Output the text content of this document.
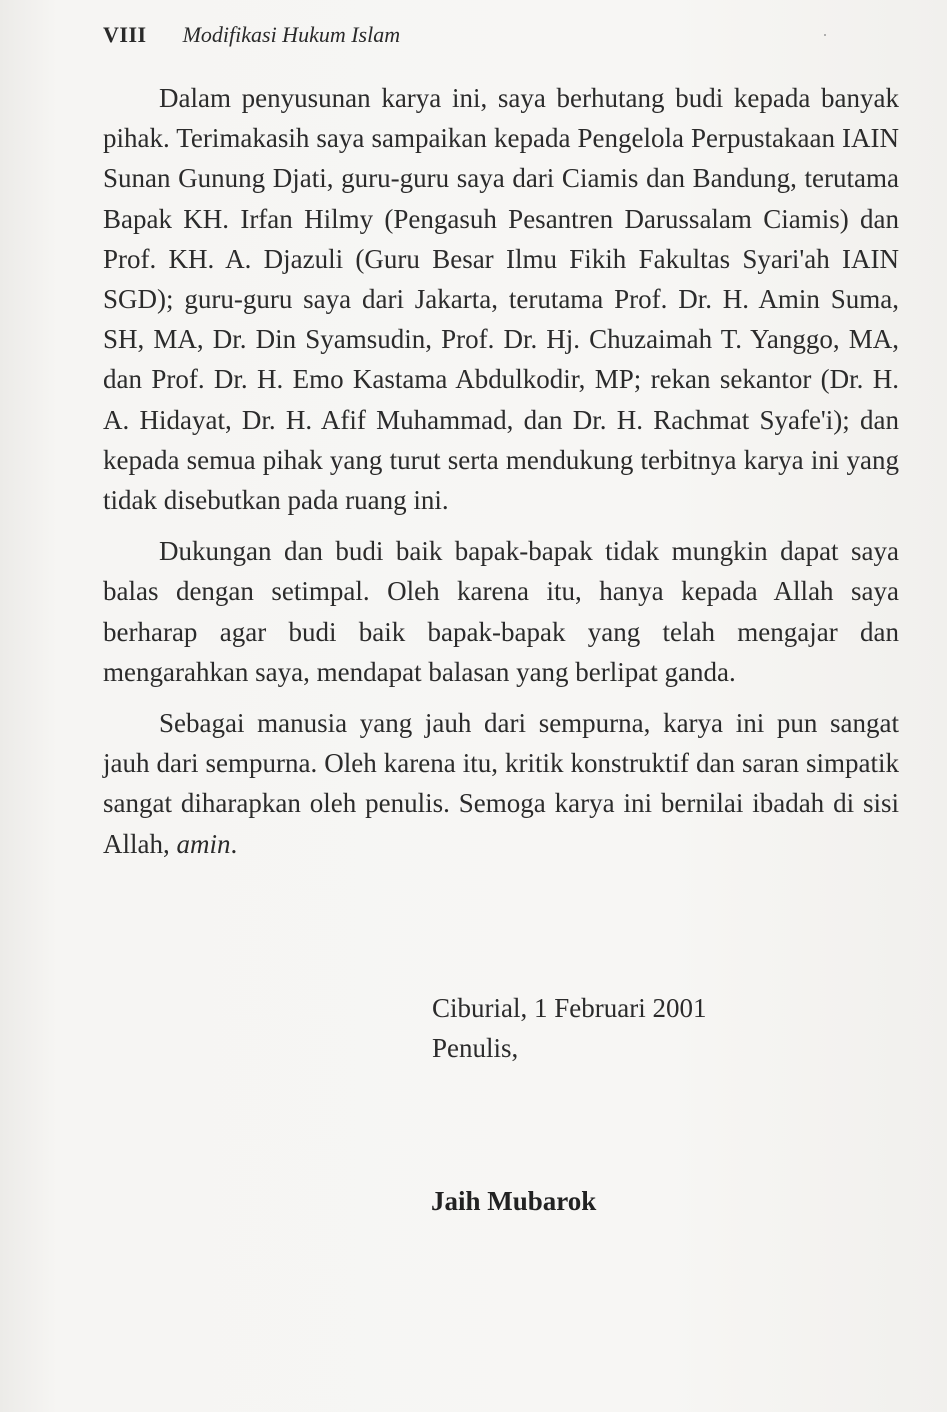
VIII Modifikasi Hukum Islam

Dalam penyusunan karya ini, saya berhutang budi kepada banyak pihak. Terimakasih saya sampaikan kepada Pengelola Perpustakaan IAIN Sunan Gunung Djati, guru-guru saya dari Ciamis dan Bandung, terutama Bapak KH. Irfan Hilmy (Pengasuh Pesantren Darussalam Ciamis) dan Prof. KH. A. Djazuli (Guru Besar Ilmu Fikih Fakultas Syari'ah IAIN SGD); guru-guru saya dari Jakarta, terutama Prof. Dr. H. Amin Suma, SH, MA, Dr. Din Syamsudin, Prof. Dr. Hj. Chuzaimah T. Yanggo, MA, dan Prof. Dr. H. Emo Kastama Abdulkodir, MP; rekan sekantor (Dr. H. A. Hidayat, Dr. H. Afif Muhammad, dan Dr. H. Rachmat Syafe'i); dan kepada semua pihak yang turut serta mendukung terbitnya karya ini yang tidak disebutkan pada ruang ini.

Dukungan dan budi baik bapak-bapak tidak mungkin dapat saya balas dengan setimpal. Oleh karena itu, hanya kepada Allah saya berharap agar budi baik bapak-bapak yang telah mengajar dan mengarahkan saya, mendapat balasan yang berlipat ganda.

Sebagai manusia yang jauh dari sempurna, karya ini pun sangat jauh dari sempurna. Oleh karena itu, kritik konstruktif dan saran simpatik sangat diharapkan oleh penulis. Semoga karya ini bernilai ibadah di sisi Allah, amin.

Ciburial, 1 Februari 2001
Penulis,
Jaih Mubarok
